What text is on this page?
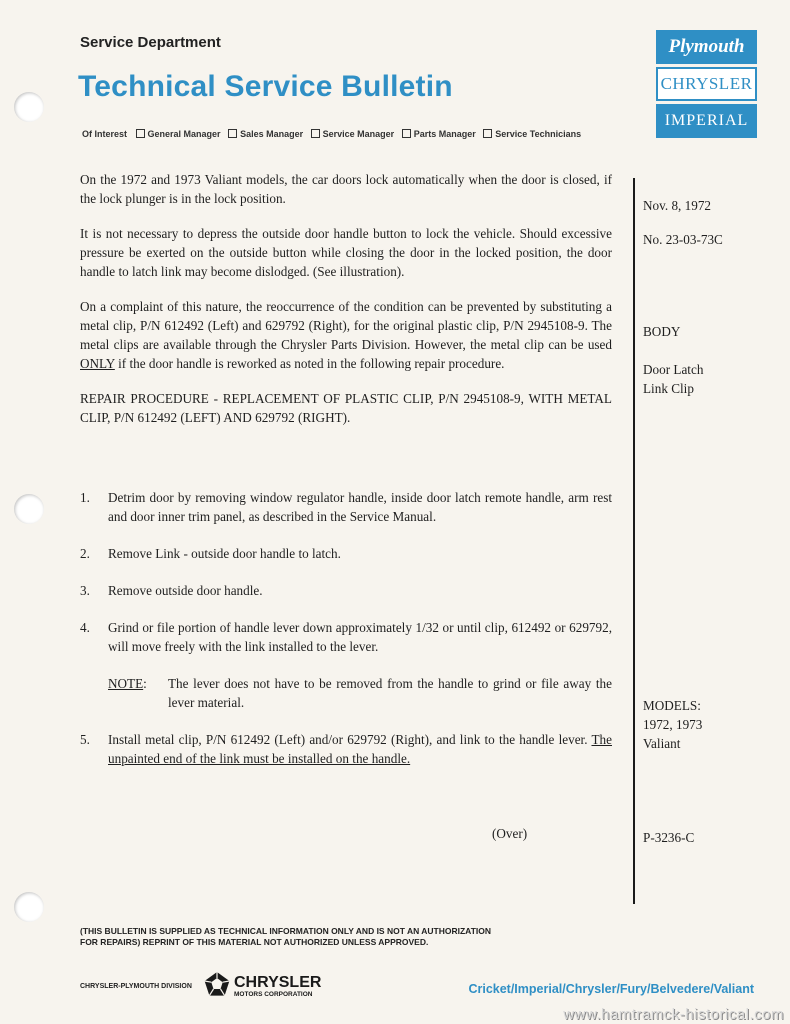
Service Department
Technical Service Bulletin
Plymouth
CHRYSLER
IMPERIAL
Of Interest General Manager Sales Manager Service Manager Parts Manager Service Technicians

On the 1972 and 1973 Valiant models, the car doors lock automatically when the door is closed, if the lock plunger is in the lock position.

It is not necessary to depress the outside door handle button to lock the vehicle. Should excessive pressure be exerted on the outside button while closing the door in the locked position, the door handle to latch link may become dislodged. (See illustration).

On a complaint of this nature, the reoccurrence of the condition can be prevented by substituting a metal clip, P/N 612492 (Left) and 629792 (Right), for the original plastic clip, P/N 2945108-9. The metal clips are available through the Chrysler Parts Division. However, the metal clip can be used ONLY if the door handle is reworked as noted in the following repair procedure.

REPAIR PROCEDURE - REPLACEMENT OF PLASTIC CLIP, P/N 2945108-9, WITH METAL CLIP, P/N 612492 (LEFT) AND 629792 (RIGHT).

1.	Detrim door by removing window regulator handle, inside door latch remote handle, arm rest and door inner trim panel, as described in the Service Manual.
2.	Remove Link - outside door handle to latch.
3.	Remove outside door handle.
4.	Grind or file portion of handle lever down approximately 1/32 or until clip, 612492 or 629792, will move freely with the link installed to the lever.
NOTE:	The lever does not have to be removed from the handle to grind or file away the lever material.
5.	Install metal clip, P/N 612492 (Left) and/or 629792 (Right), and link to the handle lever. The unpainted end of the link must be installed on the handle.
(Over)
Nov. 8, 1972
No. 23-03-73C
BODY
Door Latch
Link Clip
MODELS:
1972, 1973
Valiant
P-3236-C
(THIS BULLETIN IS SUPPLIED AS TECHNICAL INFORMATION ONLY AND IS NOT AN AUTHORIZATION
FOR REPAIRS) REPRINT OF THIS MATERIAL NOT AUTHORIZED UNLESS APPROVED.
CHRYSLER-PLYMOUTH DIVISION	CHRYSLER
MOTORS CORPORATION	Cricket/Imperial/Chrysler/Fury/Belvedere/Valiant
www.hamtramck-historical.com
